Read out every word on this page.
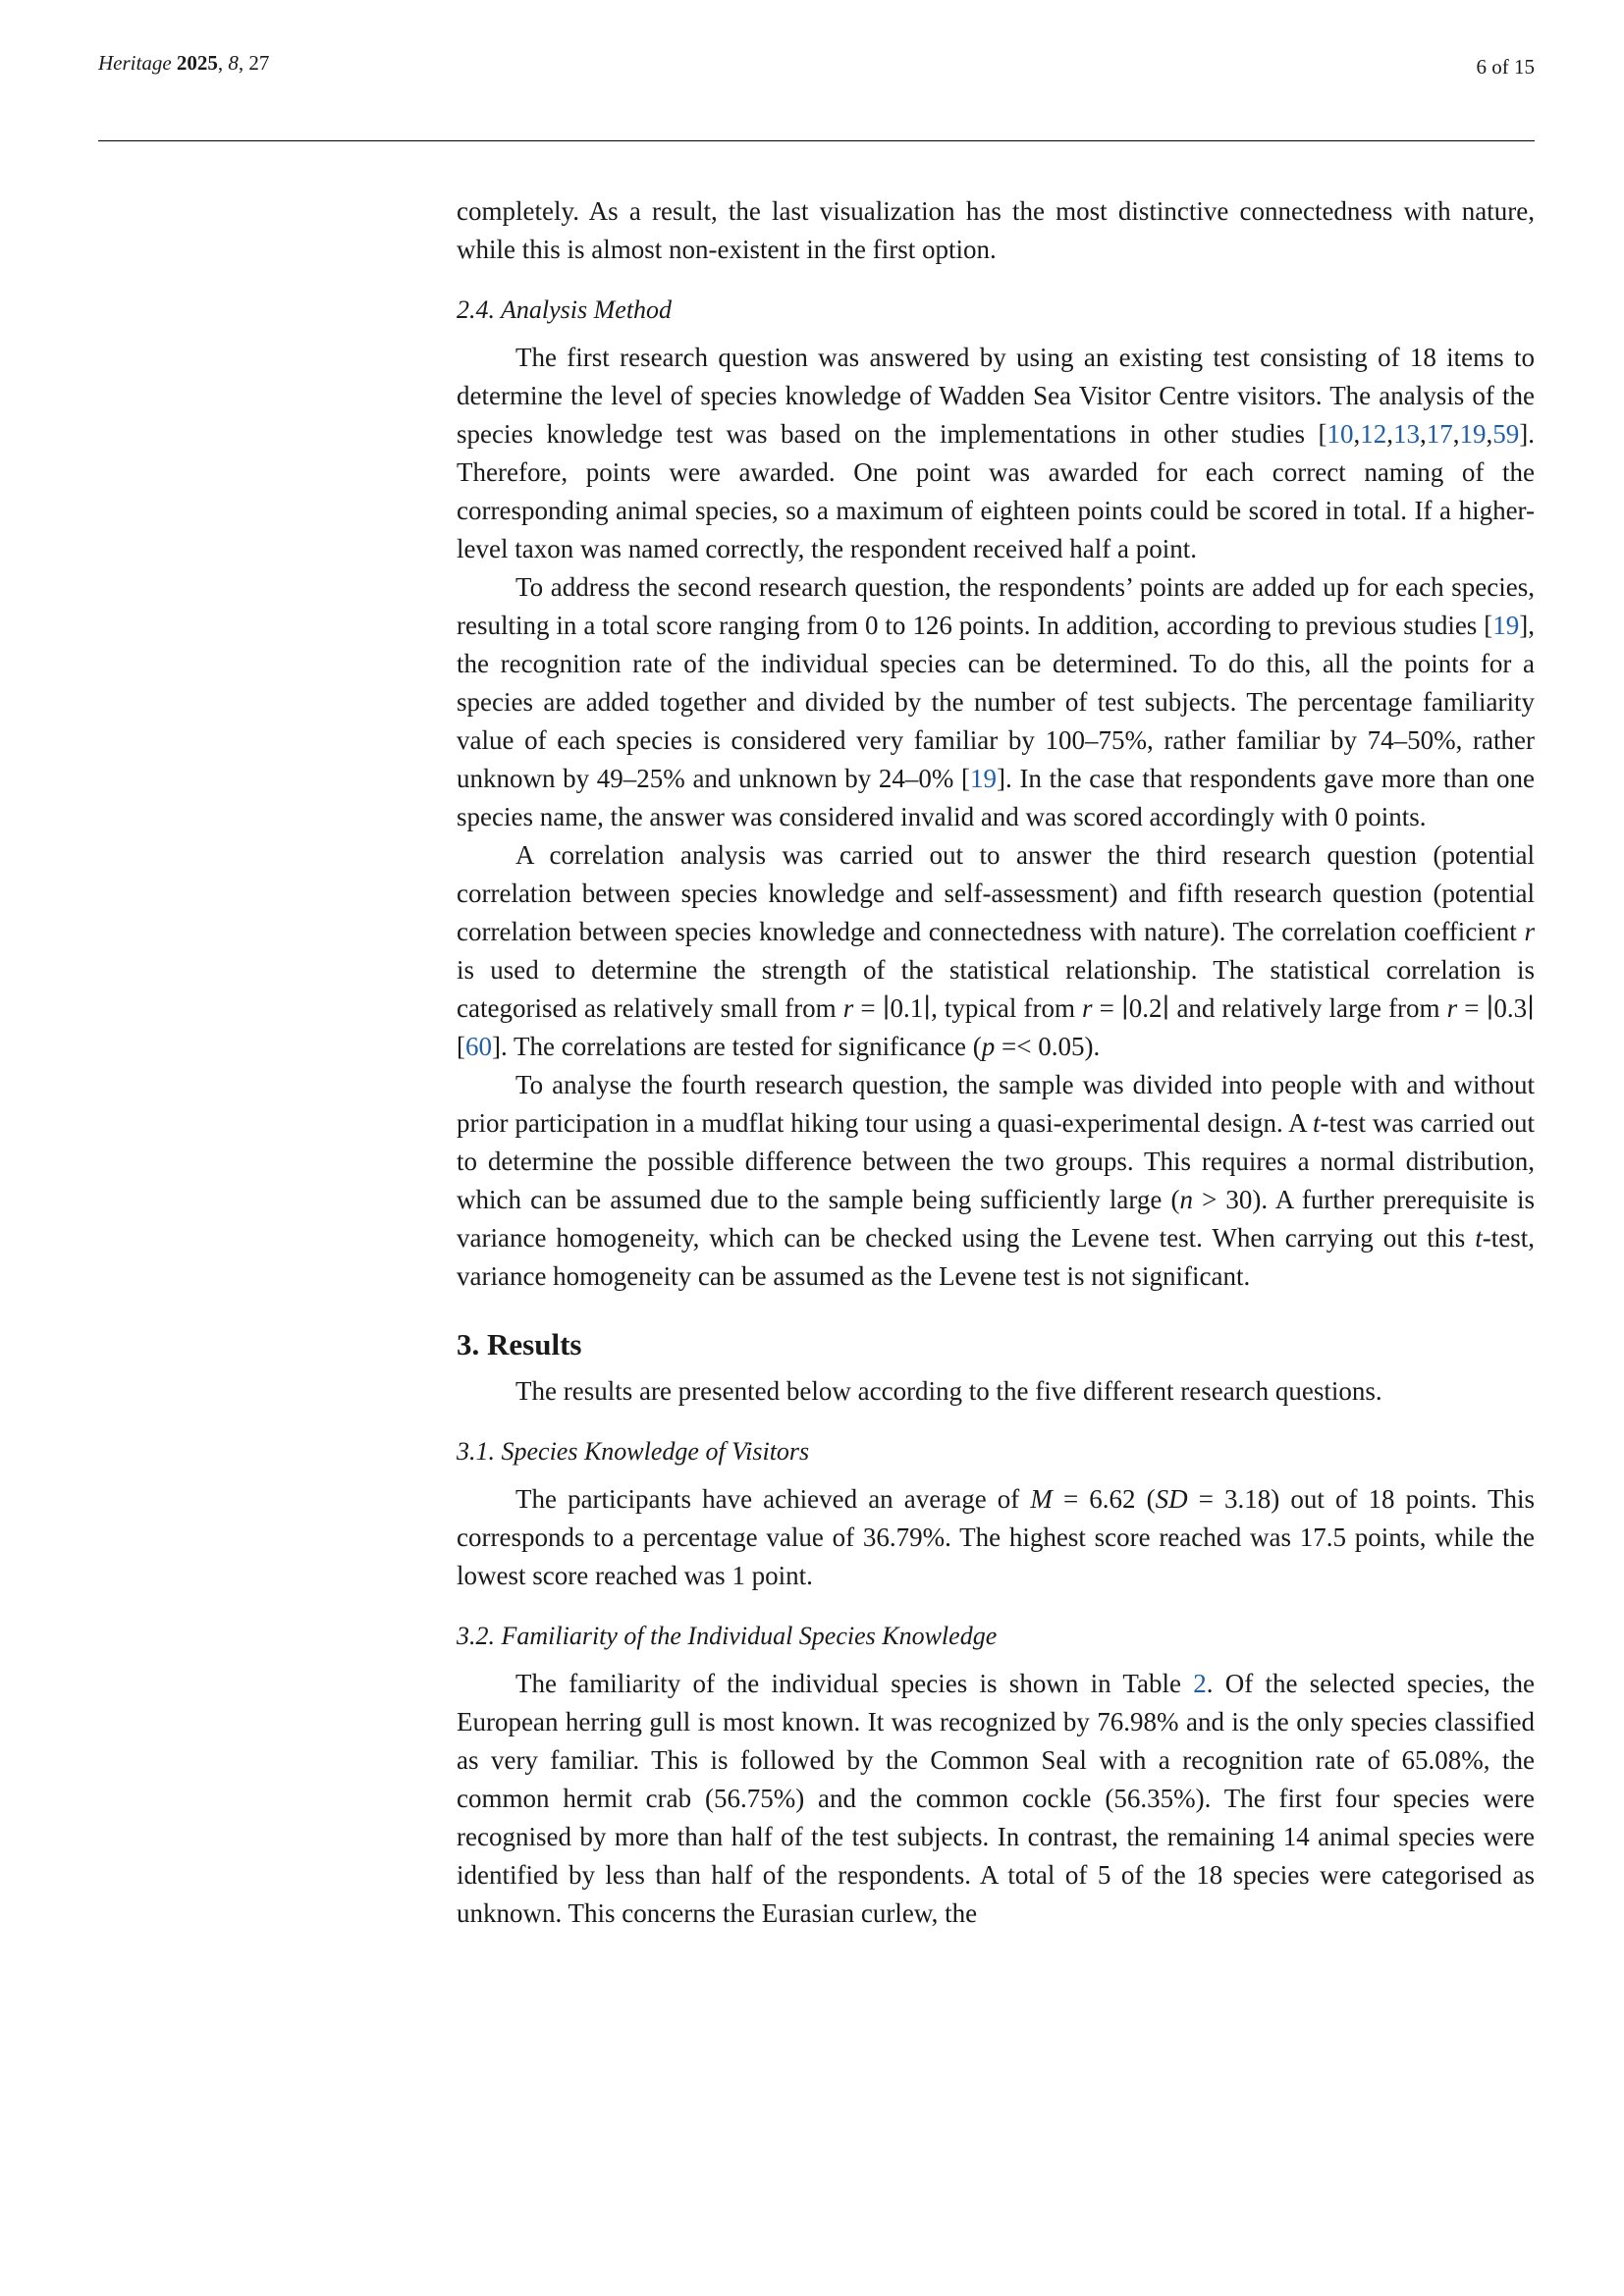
Heritage 2025, 8, 27	6 of 15

completely. As a result, the last visualization has the most distinctive connectedness with nature, while this is almost non-existent in the first option.

2.4. Analysis Method

The first research question was answered by using an existing test consisting of 18 items to determine the level of species knowledge of Wadden Sea Visitor Centre visitors. The analysis of the species knowledge test was based on the implementations in other studies [10,12,13,17,19,59]. Therefore, points were awarded. One point was awarded for each correct naming of the corresponding animal species, so a maximum of eighteen points could be scored in total. If a higher-level taxon was named correctly, the respondent received half a point.

To address the second research question, the respondents’ points are added up for each species, resulting in a total score ranging from 0 to 126 points. In addition, according to previous studies [19], the recognition rate of the individual species can be determined. To do this, all the points for a species are added together and divided by the number of test subjects. The percentage familiarity value of each species is considered very familiar by 100–75%, rather familiar by 74–50%, rather unknown by 49–25% and unknown by 24–0% [19]. In the case that respondents gave more than one species name, the answer was considered invalid and was scored accordingly with 0 points.

A correlation analysis was carried out to answer the third research question (potential correlation between species knowledge and self-assessment) and fifth research question (potential correlation between species knowledge and connectedness with nature). The correlation coefficient r is used to determine the strength of the statistical relationship. The statistical correlation is categorised as relatively small from r = ∣0.1∣, typical from r = ∣0.2∣ and relatively large from r = ∣0.3∣ [60]. The correlations are tested for significance (p =< 0.05).

To analyse the fourth research question, the sample was divided into people with and without prior participation in a mudflat hiking tour using a quasi-experimental design. A t-test was carried out to determine the possible difference between the two groups. This requires a normal distribution, which can be assumed due to the sample being sufficiently large (n > 30). A further prerequisite is variance homogeneity, which can be checked using the Levene test. When carrying out this t-test, variance homogeneity can be assumed as the Levene test is not significant.

3. Results

The results are presented below according to the five different research questions.

3.1. Species Knowledge of Visitors

The participants have achieved an average of M = 6.62 (SD = 3.18) out of 18 points. This corresponds to a percentage value of 36.79%. The highest score reached was 17.5 points, while the lowest score reached was 1 point.

3.2. Familiarity of the Individual Species Knowledge

The familiarity of the individual species is shown in Table 2. Of the selected species, the European herring gull is most known. It was recognized by 76.98% and is the only species classified as very familiar. This is followed by the Common Seal with a recognition rate of 65.08%, the common hermit crab (56.75%) and the common cockle (56.35%). The first four species were recognised by more than half of the test subjects. In contrast, the remaining 14 animal species were identified by less than half of the respondents. A total of 5 of the 18 species were categorised as unknown. This concerns the Eurasian curlew, the
